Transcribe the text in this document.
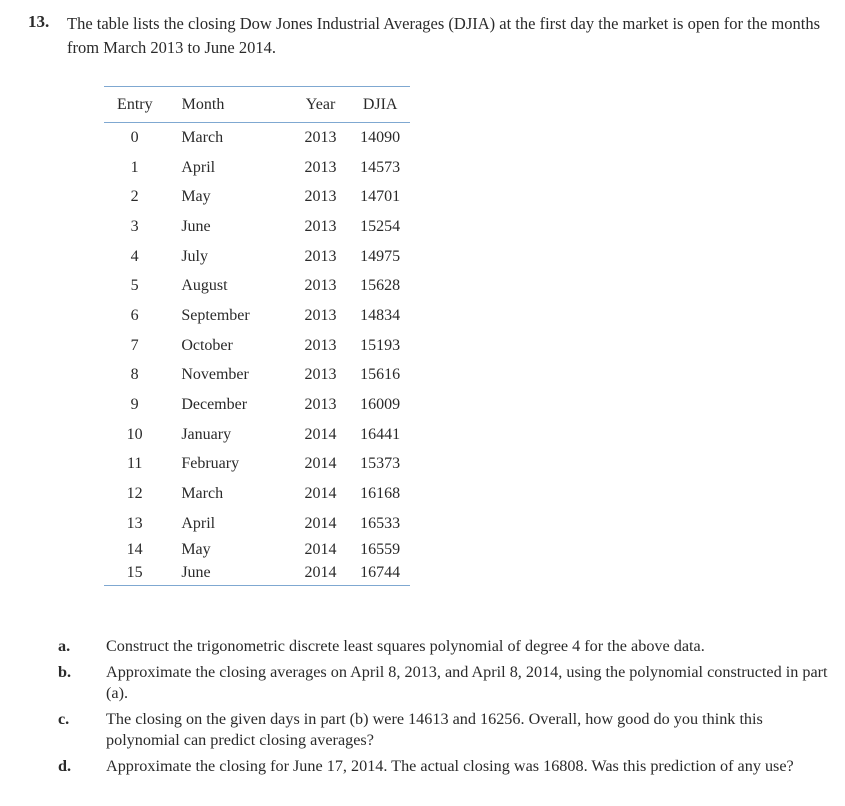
13. The table lists the closing Dow Jones Industrial Averages (DJIA) at the first day the market is open for the months from March 2013 to June 2014.
Entry	Month	Year	DJIA
0	March	2013	14090
1	April	2013	14573
2	May	2013	14701
3	June	2013	15254
4	July	2013	14975
5	August	2013	15628
6	September	2013	14834
7	October	2013	15193
8	November	2013	15616
9	December	2013	16009
10	January	2014	16441
11	February	2014	15373
12	March	2014	16168
13	April	2014	16533
14	May	2014	16559
15	June	2014	16744
a.	Construct the trigonometric discrete least squares polynomial of degree 4 for the above data.
b.	Approximate the closing averages on April 8, 2013, and April 8, 2014, using the polynomial constructed in part (a).
c.	The closing on the given days in part (b) were 14613 and 16256. Overall, how good do you think this polynomial can predict closing averages?
d.	Approximate the closing for June 17, 2014. The actual closing was 16808. Was this prediction of any use?
